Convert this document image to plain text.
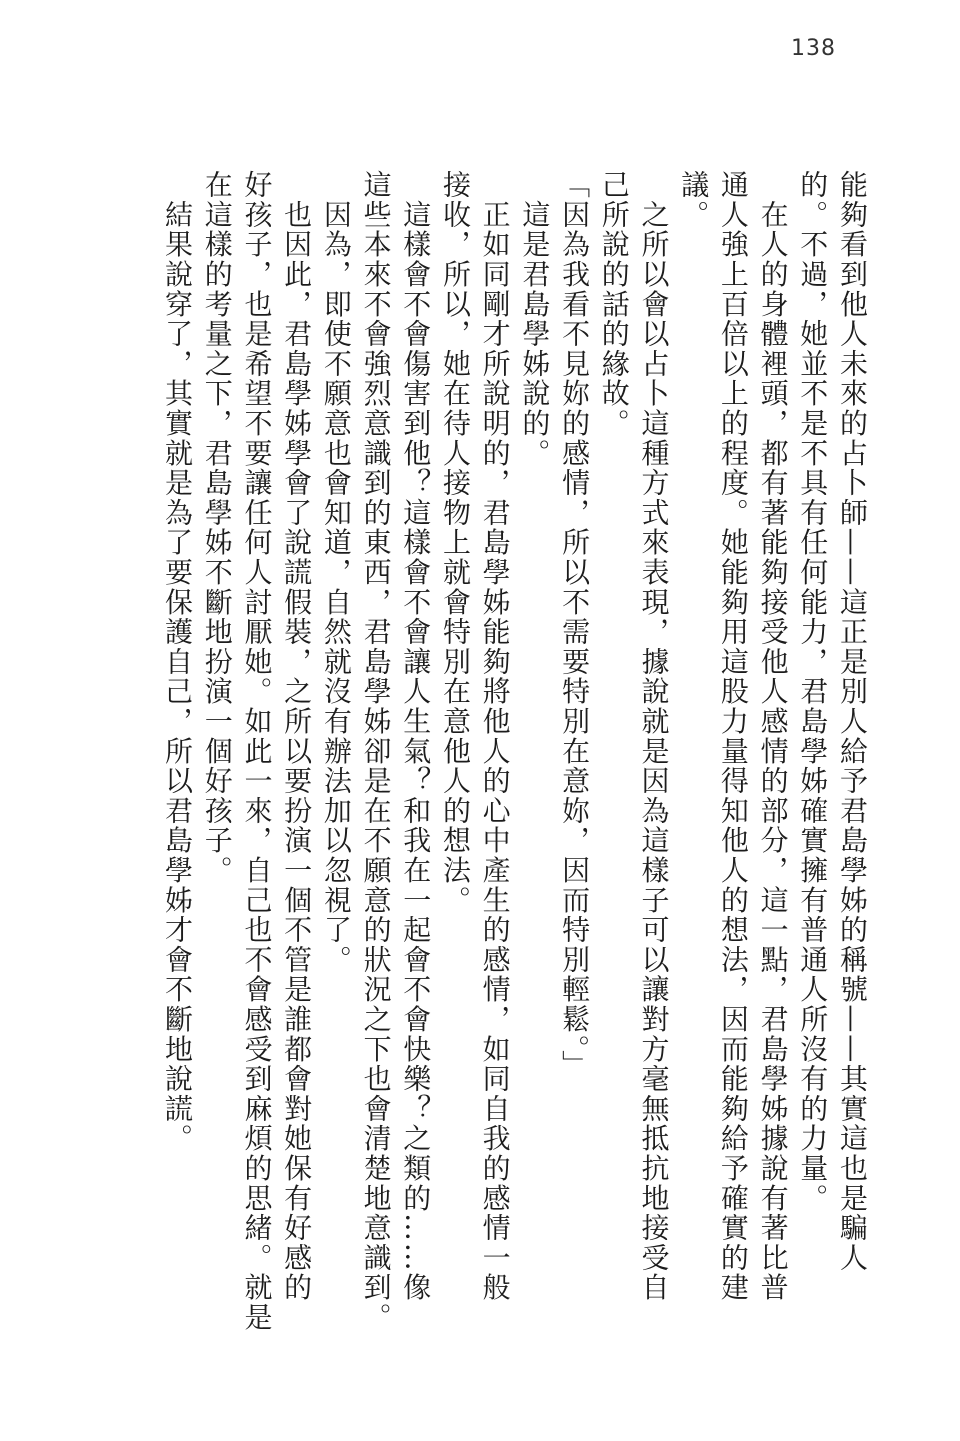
138

能夠看到他人未來的占卜師——這正是別人給予君島學姊的稱號——其實這也是騙人

的。不過，她並不是不具有任何能力，君島學姊確實擁有普通人所沒有的力量。

　在人的身體裡頭，都有著能夠接受他人感情的部分，這一點，君島學姊據說有著比普

通人強上百倍以上的程度。她能夠用這股力量得知他人的想法，因而能夠給予確實的建

議。

　之所以會以占卜這種方式來表現，據說就是因為這樣子可以讓對方毫無抵抗地接受自

己所說的話的緣故。

「因為我看不見妳的感情，所以不需要特別在意妳，因而特別輕鬆。」

　這是君島學姊說的。

　正如同剛才所說明的，君島學姊能夠將他人的心中產生的感情，如同自我的感情一般

接收，所以，她在待人接物上就會特別在意他人的想法。

　這樣會不會傷害到他？這樣會不會讓人生氣？和我在一起會不會快樂？之類的……像

這些本來不會強烈意識到的東西，君島學姊卻是在不願意的狀況之下也會清楚地意識到。

　因為，即使不願意也會知道，自然就沒有辦法加以忽視了。

　也因此，君島學姊學會了說謊假裝，之所以要扮演一個不管是誰都會對她保有好感的

好孩子，也是希望不要讓任何人討厭她。如此一來，自己也不會感受到麻煩的思緒。就是

在這樣的考量之下，君島學姊不斷地扮演一個好孩子。

　結果說穿了，其實就是為了要保護自己，所以君島學姊才會不斷地說謊。
